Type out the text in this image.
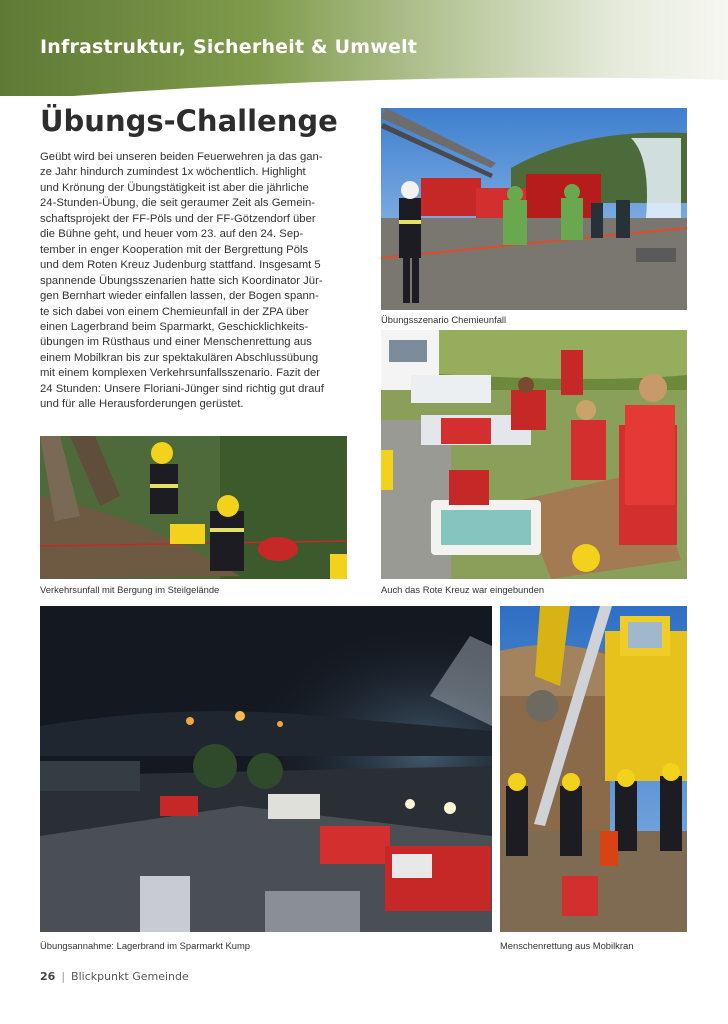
Infrastruktur, Sicherheit & Umwelt
Übungs-Challenge
Geübt wird bei unseren beiden Feuerwehren ja das gan-
ze Jahr hindurch zumindest 1x wöchentlich. Highlight
und Krönung der Übungstätigkeit ist aber die jährliche
24-Stunden-Übung, die seit geraumer Zeit als Gemein-
schaftsprojekt der FF-Pöls und der FF-Götzendorf über
die Bühne geht, und heuer vom 23. auf den 24. Sep-
tember in enger Kooperation mit der Bergrettung Pöls
und dem Roten Kreuz Judenburg stattfand. Insgesamt 5
spannende Übungsszenarien hatte sich Koordinator Jür-
gen Bernhart wieder einfallen lassen, der Bogen spann-
te sich dabei von einem Chemieunfall in der ZPA über
einen Lagerbrand beim Sparmarkt, Geschicklichkeits-
übungen im Rüsthaus und einer Menschenrettung aus
einem Mobilkran bis zur spektakulären Abschlussübung
mit einem komplexen Verkehrsunfallsszenario. Fazit der
24 Stunden: Unsere Floriani-Jünger sind richtig gut drauf
und für alle Herausforderungen gerüstet.
Übungsszenario Chemieunfall
Auch das Rote Kreuz war eingebunden
Verkehrsunfall mit Bergung im Steilgelände
Übungsannahme: Lagerbrand im Sparmarkt Kump	Menschenrettung aus Mobilkran
26 | Blickpunkt Gemeinde
